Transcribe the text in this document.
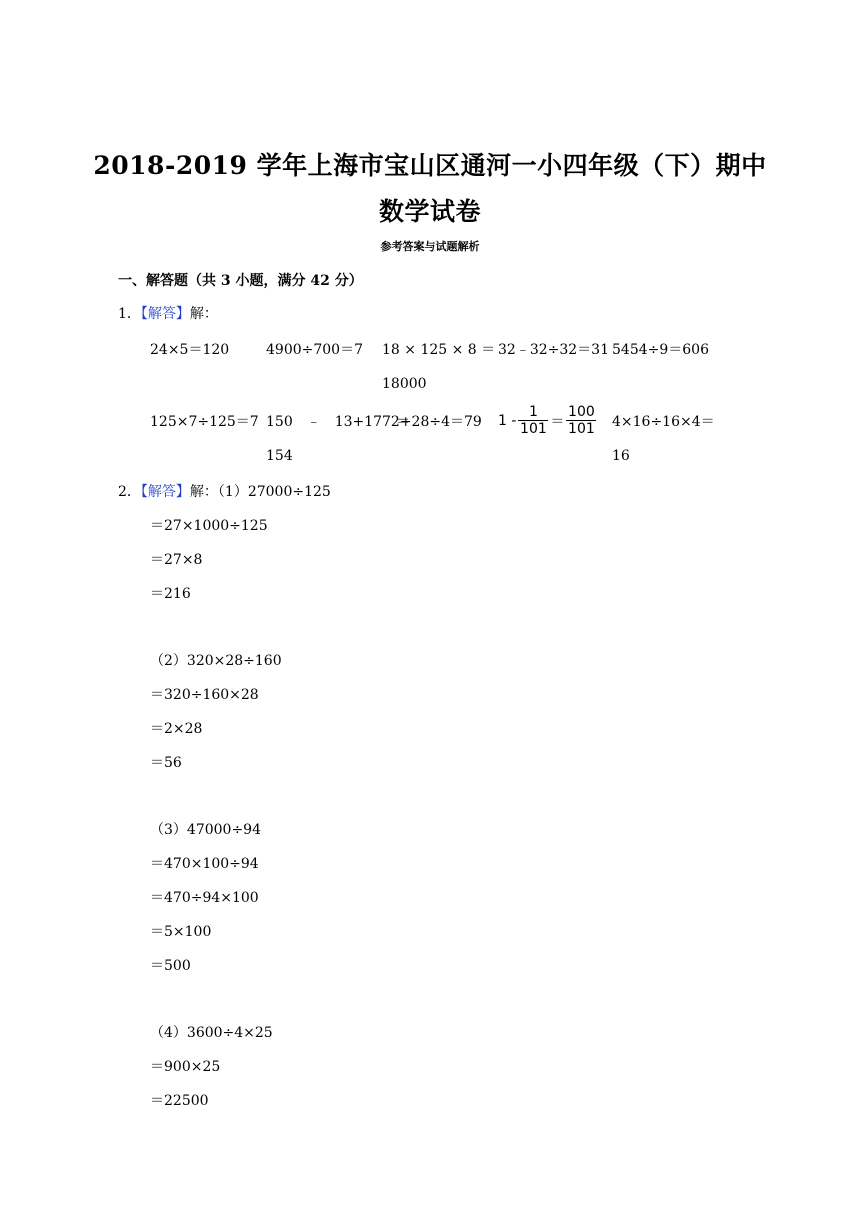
2018-2019 学年上海市宝山区通河一小四年级（下）期中
数学试卷
参考答案与试题解析
一、解答题（共 3 小题，满分 42 分）
1．【解答】解：
24×5＝120	4900÷700＝7 18 × 125 × 8 ＝
18000
32﹣32÷32＝31 5454÷9＝606
125×7÷125＝7 150　﹣　13+17　＝
154
72+28÷4＝79 $1 - \frac{1}{101} = \frac{100}{101} 4\times 16\div 16\times 4=$
16
2．【解答】解：（1）27000÷125
＝27×1000÷125
＝27×8
＝216
（2）320×28÷160
＝320÷160×28
＝2×28
＝56
（3）47000÷94
＝470×100÷94
＝470÷94×100
＝5×100
＝500
（4）3600÷4×25
＝900×25
＝22500
